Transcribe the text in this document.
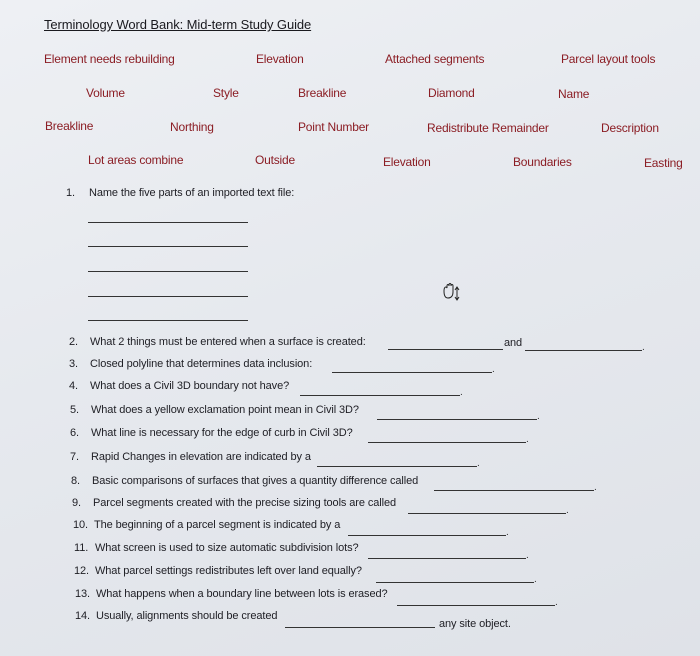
Terminology Word Bank: Mid-term Study Guide
Element needs rebuilding	Elevation	Attached segments	Parcel layout tools
Volume	Style	Breakline	Diamond	Name
Breakline	Northing	Point Number	Redistribute Remainder	Description
Lot areas combine	Outside	Elevation	Boundaries	Easting
1. Name the five parts of an imported text file:
2. What 2 things must be entered when a surface is created:	and	.
3. Closed polyline that determines data inclusion:	.
4. What does a Civil 3D boundary not have?
.
5. What does a yellow exclamation point mean in Civil 3D?
.
6. What line is necessary for the edge of curb in Civil 3D?
.
7. Rapid Changes in elevation are indicated by a
.
8. Basic comparisons of surfaces that gives a quantity difference called
.
9. Parcel segments created with the precise sizing tools are called
.
10. The beginning of a parcel segment is indicated by a
.
11. What screen is used to size automatic subdivision lots?
.
12. What parcel settings redistributes left over land equally?
.
13. What happens when a boundary line between lots is erased?
.
14. Usually, alignments should be created
any site object.
